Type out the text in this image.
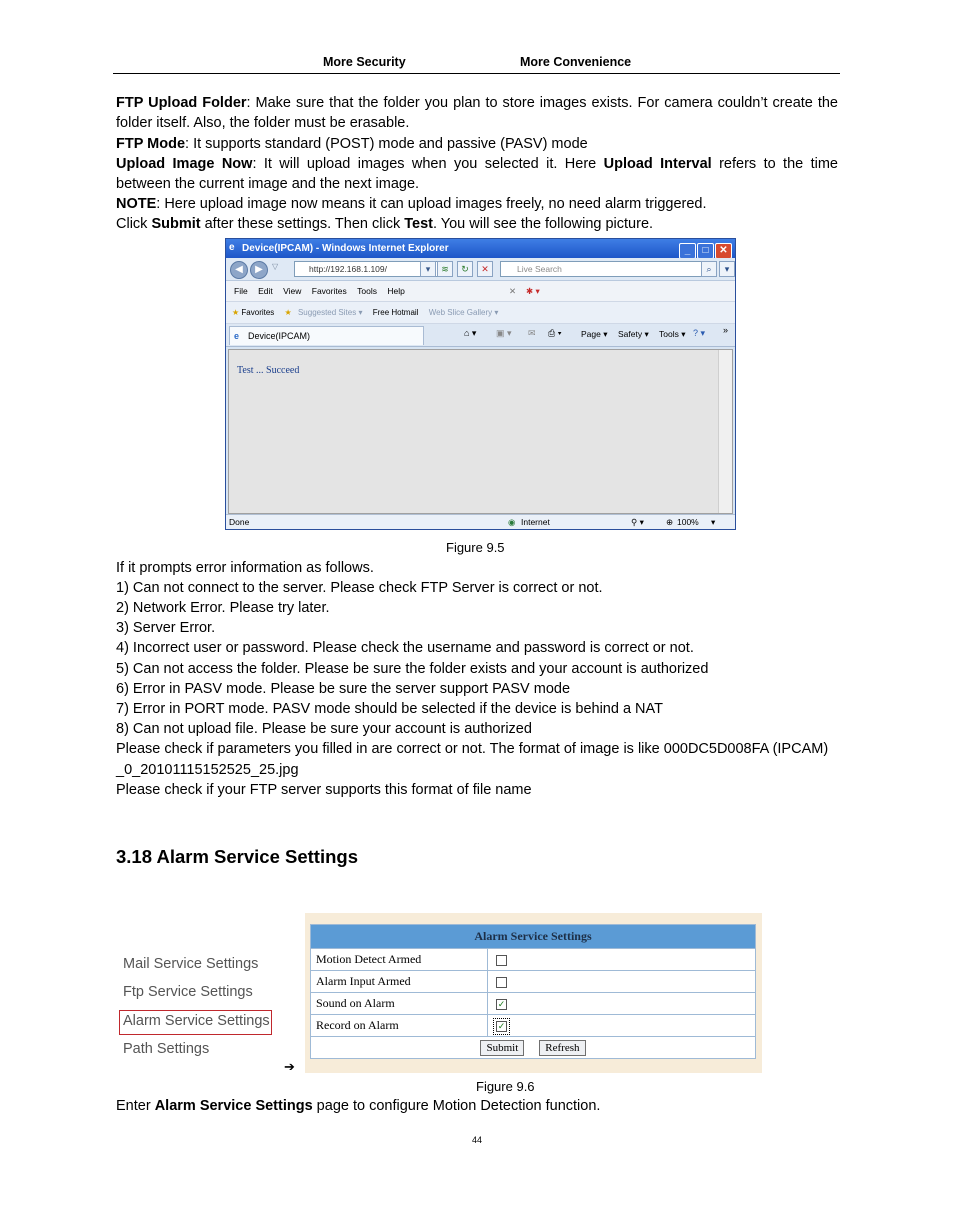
More Security	More Convenience
FTP Upload Folder: Make sure that the folder you plan to store images exists. For camera couldn’t create the folder itself. Also, the folder must be erasable.
FTP Mode: It supports standard (POST) mode and passive (PASV) mode
Upload Image Now: It will upload images when you selected it. Here Upload Interval refers to the time between the current image and the next image.
NOTE: Here upload image now means it can upload images freely, no need alarm triggered.
Click Submit after these settings. Then click Test. You will see the following picture.
e Device(IPCAM) - Windows Internet Explorer	_ □ ✕
◀	▶	▽	http://192.168.1.109/	▾	≋	↻	✕	Live Search	⌕	▾
File Edit View Favorites Tools Help	✕ ✱ ▾
★ Favorites ★ Suggested Sites ▾ Free Hotmail Web Slice Gallery ▾
e Device(IPCAM)	⌂ ▾ ▣ ▾ ✉ ⎙ ▾ Page ▾ Safety ▾ Tools ▾ ? ▾ »
Test ... Succeed
Done	◉ Internet	⚲ ▾	⊕ 100% ▾
Figure 9.5
If it prompts error information as follows.
1) Can not connect to the server. Please check FTP Server is correct or not.
2) Network Error. Please try later.
3) Server Error.
4) Incorrect user or password. Please check the username and password is correct or not.
5) Can not access the folder. Please be sure the folder exists and your account is authorized
6) Error in PASV mode. Please be sure the server support PASV mode
7) Error in PORT mode. PASV mode should be selected if the device is behind a NAT
8) Can not upload file. Please be sure your account is authorized
Please check if parameters you filled in are correct or not. The format of image is like 000DC5D008FA (IPCAM)
_0_20101115152525_25.jpg
Please check if your FTP server supports this format of file name
3.18 Alarm Service Settings
Mail Service Settings
Ftp Service Settings
Alarm Service Settings
Path Settings
➔
Alarm Service Settings	
Motion Detect Armed	
Alarm Input Armed	
Sound on Alarm	✓
Record on Alarm	✓
Submit Refresh	
Figure 9.6
Enter Alarm Service Settings page to configure Motion Detection function.
44
